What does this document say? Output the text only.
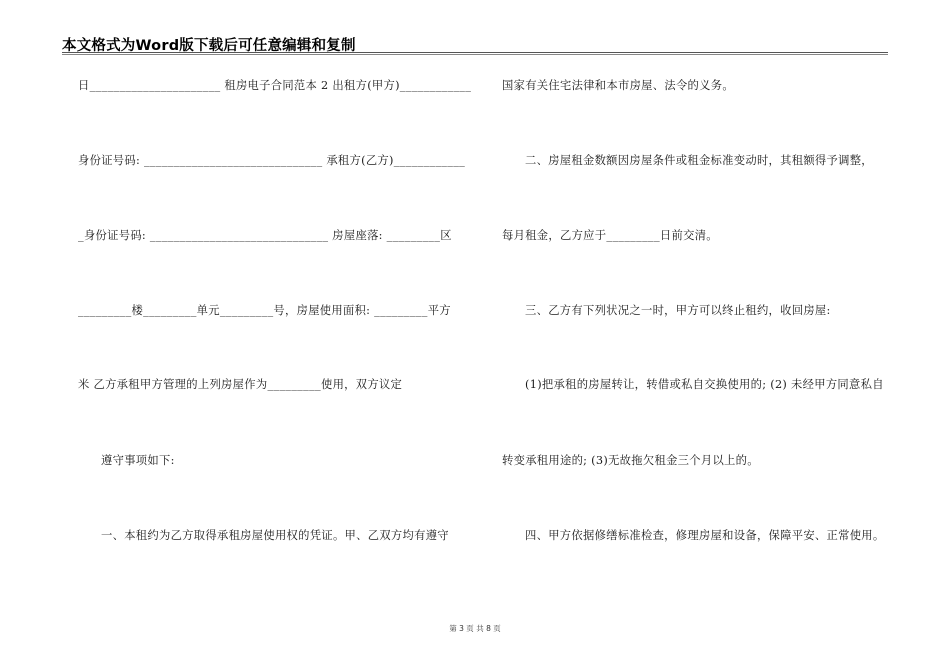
本文格式为Word版下载后可任意编辑和复制
日______________________ 租房电子合同范本 2 出租方(甲方)____________
身份证号码: ______________________________ 承租方(乙方)____________
_身份证号码: ______________________________ 房屋座落: _________区
_________楼_________单元_________号，房屋使用面积: _________平方
米 乙方承租甲方管理的上列房屋作为_________使用，双方议定
遵守事项如下:
一、本租约为乙方取得承租房屋使用权的凭证。甲、乙双方均有遵守
国家有关住宅法律和本市房屋、法令的义务。
二、房屋租金数额因房屋条件或租金标准变动时，其租额得予调整，
每月租金，乙方应于_________日前交清。
三、乙方有下列状况之一时，甲方可以终止租约，收回房屋:
(1)把承租的房屋转让，转借或私自交换使用的; (2) 未经甲方同意私自
转变承租用途的; (3)无故拖欠租金三个月以上的。
四、甲方依据修缮标准检查，修理房屋和设备，保障平安、正常使用。
第 3 页 共 8 页
